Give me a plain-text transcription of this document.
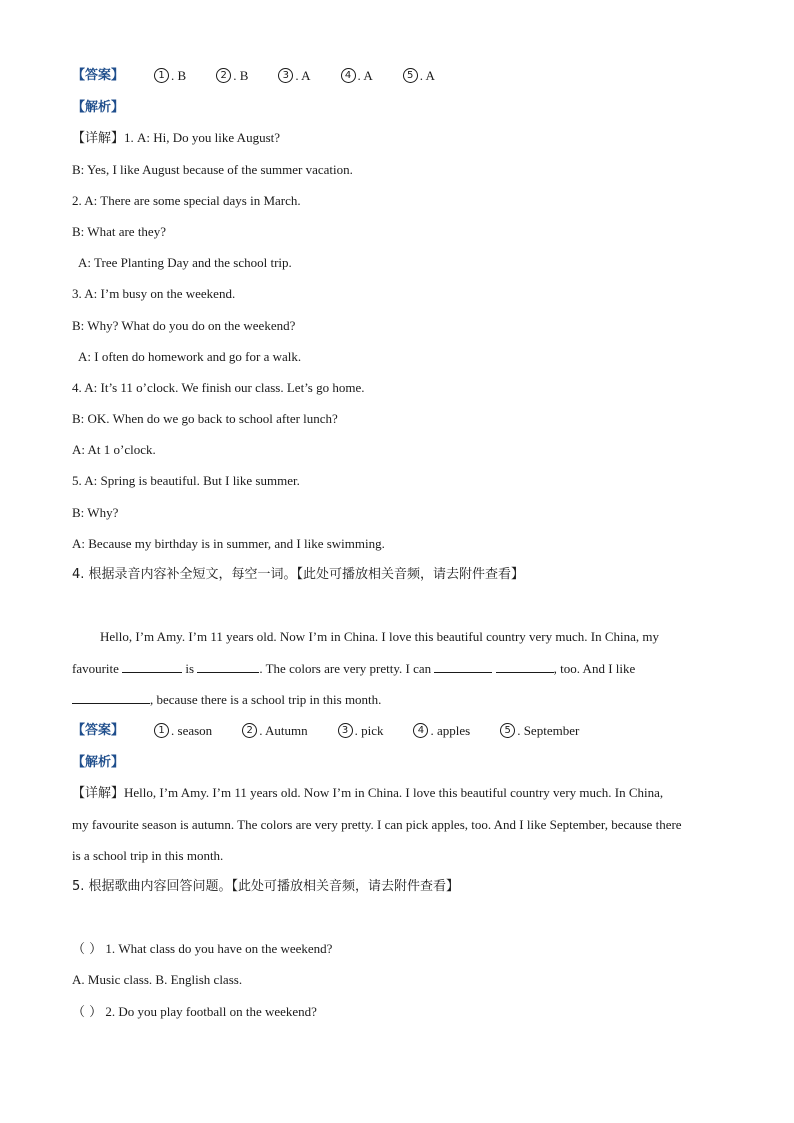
【答案】	1 . B	2 . B	3 . A	4 . A	5 . A
【解析】
【详解】1. A: Hi, Do you like August?
B: Yes, I like August because of the summer vacation.
2. A: There are some special days in March.
B: What are they?
A: Tree Planting Day and the school trip.
3. A: I’m busy on the weekend.
B: Why? What do you do on the weekend?
A: I often do homework and go for a walk.
4. A: It’s 11 o’clock. We finish our class. Let’s go home.
B: OK. When do we go back to school after lunch?
A: At 1 o’clock.
5. A: Spring is beautiful. But I like summer.
B: Why?
A: Because my birthday is in summer, and I like swimming.
4. 根据录音内容补全短文，每空一词。【此处可播放相关音频，请去附件查看】
Hello, I’m Amy. I’m 11 years old. Now I’m in China. I love this beautiful country very much. In China, my
favourite	is	. The colors are very pretty. I can	, too. And I like
, because there is a school trip in this month.
【答案】	1 . season	2 . Autumn	3 . pick	4 . apples	5 . September
【解析】
【详解】Hello, I’m Amy. I’m 11 years old. Now I’m in China. I love this beautiful country very much. In China,
my favourite season is autumn. The colors are very pretty. I can pick apples, too. And I like September, because there
is a school trip in this month.
5. 根据歌曲内容回答问题。【此处可播放相关音频，请去附件查看】
（ ） 1. What class do you have on the weekend?
A. Music class. B. English class.
（ ） 2. Do you play football on the weekend?
